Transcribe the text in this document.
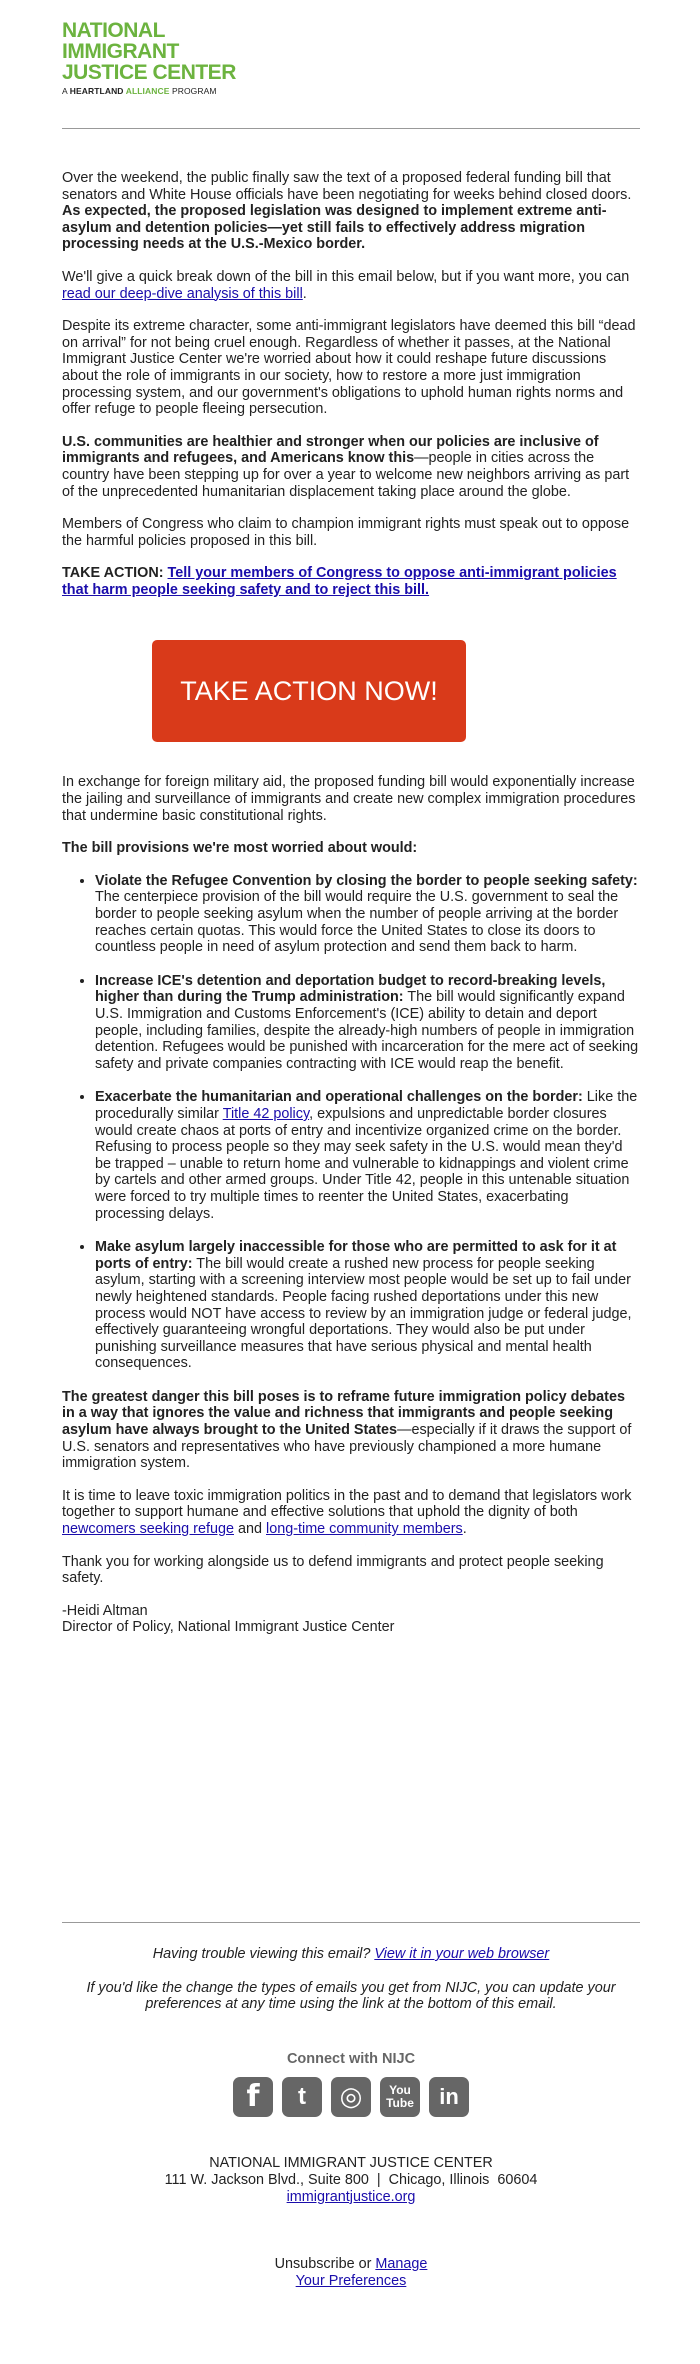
NATIONAL
IMMIGRANT
JUSTICE CENTER
A HEARTLAND ALLIANCE PROGRAM

Over the weekend, the public finally saw the text of a proposed federal funding bill that senators and White House officials have been negotiating for weeks behind closed doors. As expected, the proposed legislation was designed to implement extreme anti-asylum and detention policies—yet still fails to effectively address migration processing needs at the U.S.-Mexico border.

We'll give a quick break down of the bill in this email below, but if you want more, you can read our deep-dive analysis of this bill.

Despite its extreme character, some anti-immigrant legislators have deemed this bill “dead on arrival” for not being cruel enough. Regardless of whether it passes, at the National Immigrant Justice Center we're worried about how it could reshape future discussions about the role of immigrants in our society, how to restore a more just immigration processing system, and our government's obligations to uphold human rights norms and offer refuge to people fleeing persecution.

U.S. communities are healthier and stronger when our policies are inclusive of immigrants and refugees, and Americans know this—people in cities across the country have been stepping up for over a year to welcome new neighbors arriving as part of the unprecedented humanitarian displacement taking place around the globe.

Members of Congress who claim to champion immigrant rights must speak out to oppose the harmful policies proposed in this bill.

TAKE ACTION: Tell your members of Congress to oppose anti-immigrant policies that harm people seeking safety and to reject this bill.

TAKE ACTION NOW!

In exchange for foreign military aid, the proposed funding bill would exponentially increase the jailing and surveillance of immigrants and create new complex immigration procedures that undermine basic constitutional rights.

The bill provisions we're most worried about would:

• Violate the Refugee Convention by closing the border to people seeking safety: The centerpiece provision of the bill would require the U.S. government to seal the border to people seeking asylum when the number of people arriving at the border reaches certain quotas. This would force the United States to close its doors to countless people in need of asylum protection and send them back to harm.
• Increase ICE's detention and deportation budget to record-breaking levels, higher than during the Trump administration: The bill would significantly expand U.S. Immigration and Customs Enforcement's (ICE) ability to detain and deport people, including families, despite the already-high numbers of people in immigration detention. Refugees would be punished with incarceration for the mere act of seeking safety and private companies contracting with ICE would reap the benefit.
• Exacerbate the humanitarian and operational challenges on the border: Like the procedurally similar Title 42 policy, expulsions and unpredictable border closures would create chaos at ports of entry and incentivize organized crime on the border. Refusing to process people so they may seek safety in the U.S. would mean they'd be trapped – unable to return home and vulnerable to kidnappings and violent crime by cartels and other armed groups. Under Title 42, people in this untenable situation were forced to try multiple times to reenter the United States, exacerbating processing delays.
• Make asylum largely inaccessible for those who are permitted to ask for it at ports of entry: The bill would create a rushed new process for people seeking asylum, starting with a screening interview most people would be set up to fail under newly heightened standards. People facing rushed deportations under this new process would NOT have access to review by an immigration judge or federal judge, effectively guaranteeing wrongful deportations. They would also be put under punishing surveillance measures that have serious physical and mental health consequences.

The greatest danger this bill poses is to reframe future immigration policy debates in a way that ignores the value and richness that immigrants and people seeking asylum have always brought to the United States—especially if it draws the support of U.S. senators and representatives who have previously championed a more humane immigration system.

It is time to leave toxic immigration politics in the past and to demand that legislators work together to support humane and effective solutions that uphold the dignity of both newcomers seeking refuge and long-time community members.

Thank you for working alongside us to defend immigrants and protect people seeking safety.

-Heidi Altman
Director of Policy, National Immigrant Justice Center

Having trouble viewing this email? View it in your web browser
If you'd like the change the types of emails you get from NIJC, you can update your preferences at any time using the link at the bottom of this email.
Connect with NIJC
f	t	◎	You
Tube	in
NATIONAL IMMIGRANT JUSTICE CENTER
111 W. Jackson Blvd., Suite 800  |  Chicago, Illinois  60604
immigrantjustice.org
Unsubscribe or Manage
Your Preferences
